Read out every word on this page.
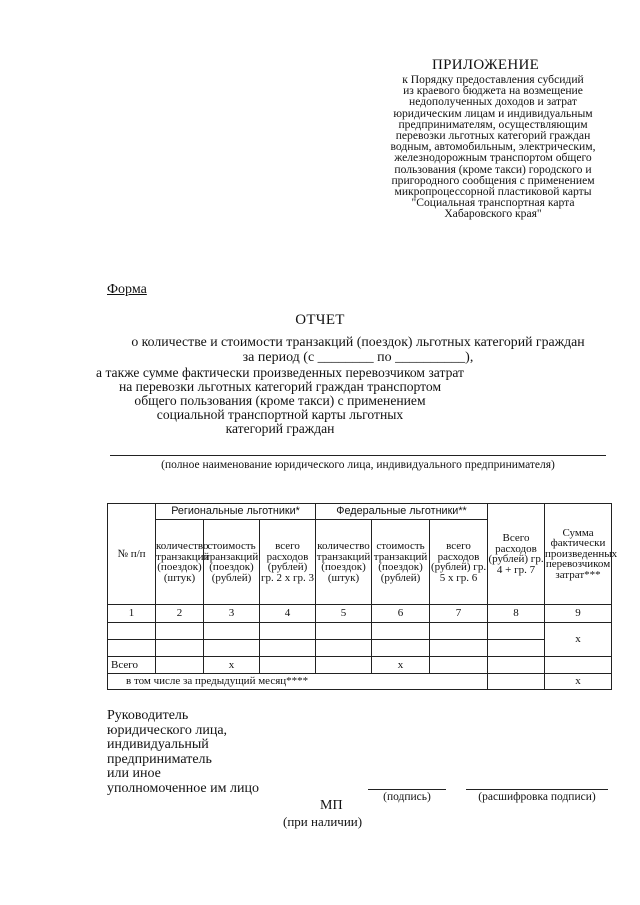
ПРИЛОЖЕНИЕ
к Порядку предоставления субсидий
из краевого бюджета на возмещение
недополученных доходов и затрат
юридическим лицам и индивидуальным
предпринимателям, осуществляющим
перевозки льготных категорий граждан
водным, автомобильным, электрическим,
железнодорожным транспортом общего
пользования (кроме такси) городского и
пригородного сообщения с применением
микропроцессорной пластиковой карты
"Социальная транспортная карта
Хабаровского края"
Форма
ОТЧЕТ
о количестве и стоимости транзакций (поездок) льготных категорий граждан
за период (с ________ по __________),
а также сумме фактически произведенных перевозчиком затрат
на перевозки льготных категорий граждан транспортом
общего пользования (кроме такси) с применением
социальной транспортной карты льготных
категорий граждан
(полное наименование юридического лица, индивидуального предпринимателя)
№ п/п	Региональные льготники*			Федеральные льготники**			Всего расходов (рублей) гр. 4 + гр. 7	Сумма фактически произведенных перевозчиком затрат***
	количество транзакций (поездок) (штук)	стоимость транзакций (поездок) (рублей)	всего расходов (рублей) гр. 2 x гр. 3	количество транзакций (поездок) (штук)	стоимость транзакций (поездок) (рублей)	всего расходов (рублей) гр. 5 x гр. 6		
1	2	3	4	5	6	7	8	9
								x

Всего		x			x			
в том числе за предыдущий месяц****								x
Руководитель
юридического лица,
индивидуальный
предприниматель
или иное
уполномоченное им лицо
(подпись)	(расшифровка подписи)
МП
(при наличии)
